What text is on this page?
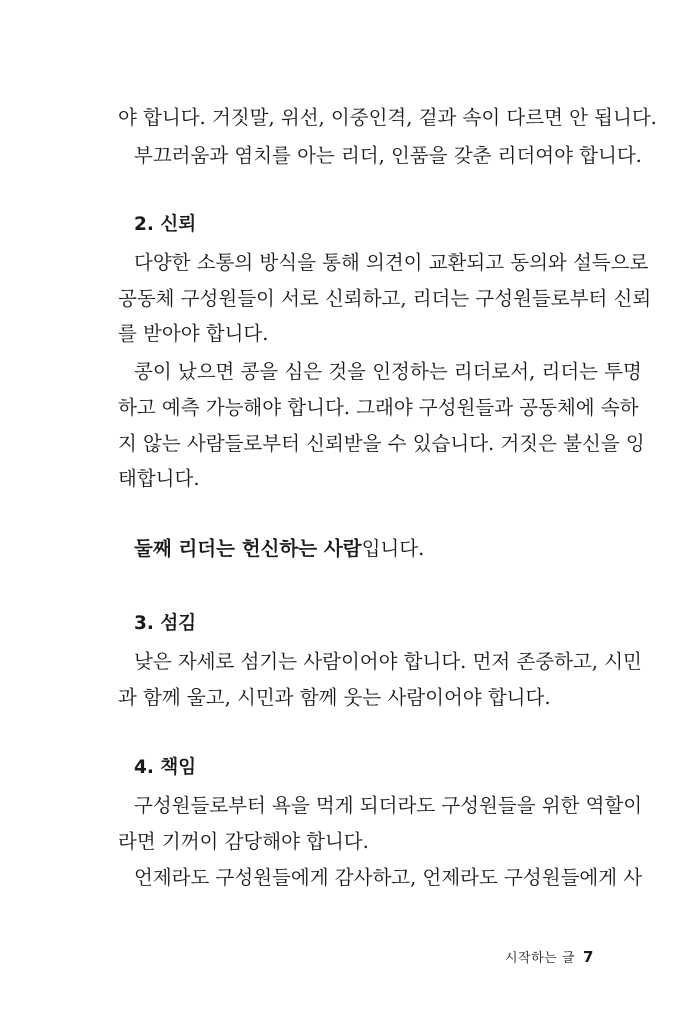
야 합니다. 거짓말, 위선, 이중인격, 겉과 속이 다르면 안 됩니다.
부끄러움과 염치를 아는 리더, 인품을 갖춘 리더여야 합니다.
2. 신뢰
다양한 소통의 방식을 통해 의견이 교환되고 동의와 설득으로
공동체 구성원들이 서로 신뢰하고, 리더는 구성원들로부터 신뢰
를 받아야 합니다.
콩이 났으면 콩을 심은 것을 인정하는 리더로서, 리더는 투명
하고 예측 가능해야 합니다. 그래야 구성원들과 공동체에 속하
지 않는 사람들로부터 신뢰받을 수 있습니다. 거짓은 불신을 잉
태합니다.
둘째 리더는 헌신하는 사람입니다.
3. 섬김
낮은 자세로 섬기는 사람이어야 합니다. 먼저 존중하고, 시민
과 함께 울고, 시민과 함께 웃는 사람이어야 합니다.
4. 책임
구성원들로부터 욕을 먹게 되더라도 구성원들을 위한 역할이
라면 기꺼이 감당해야 합니다.
언제라도 구성원들에게 감사하고, 언제라도 구성원들에게 사
시작하는 글 7
